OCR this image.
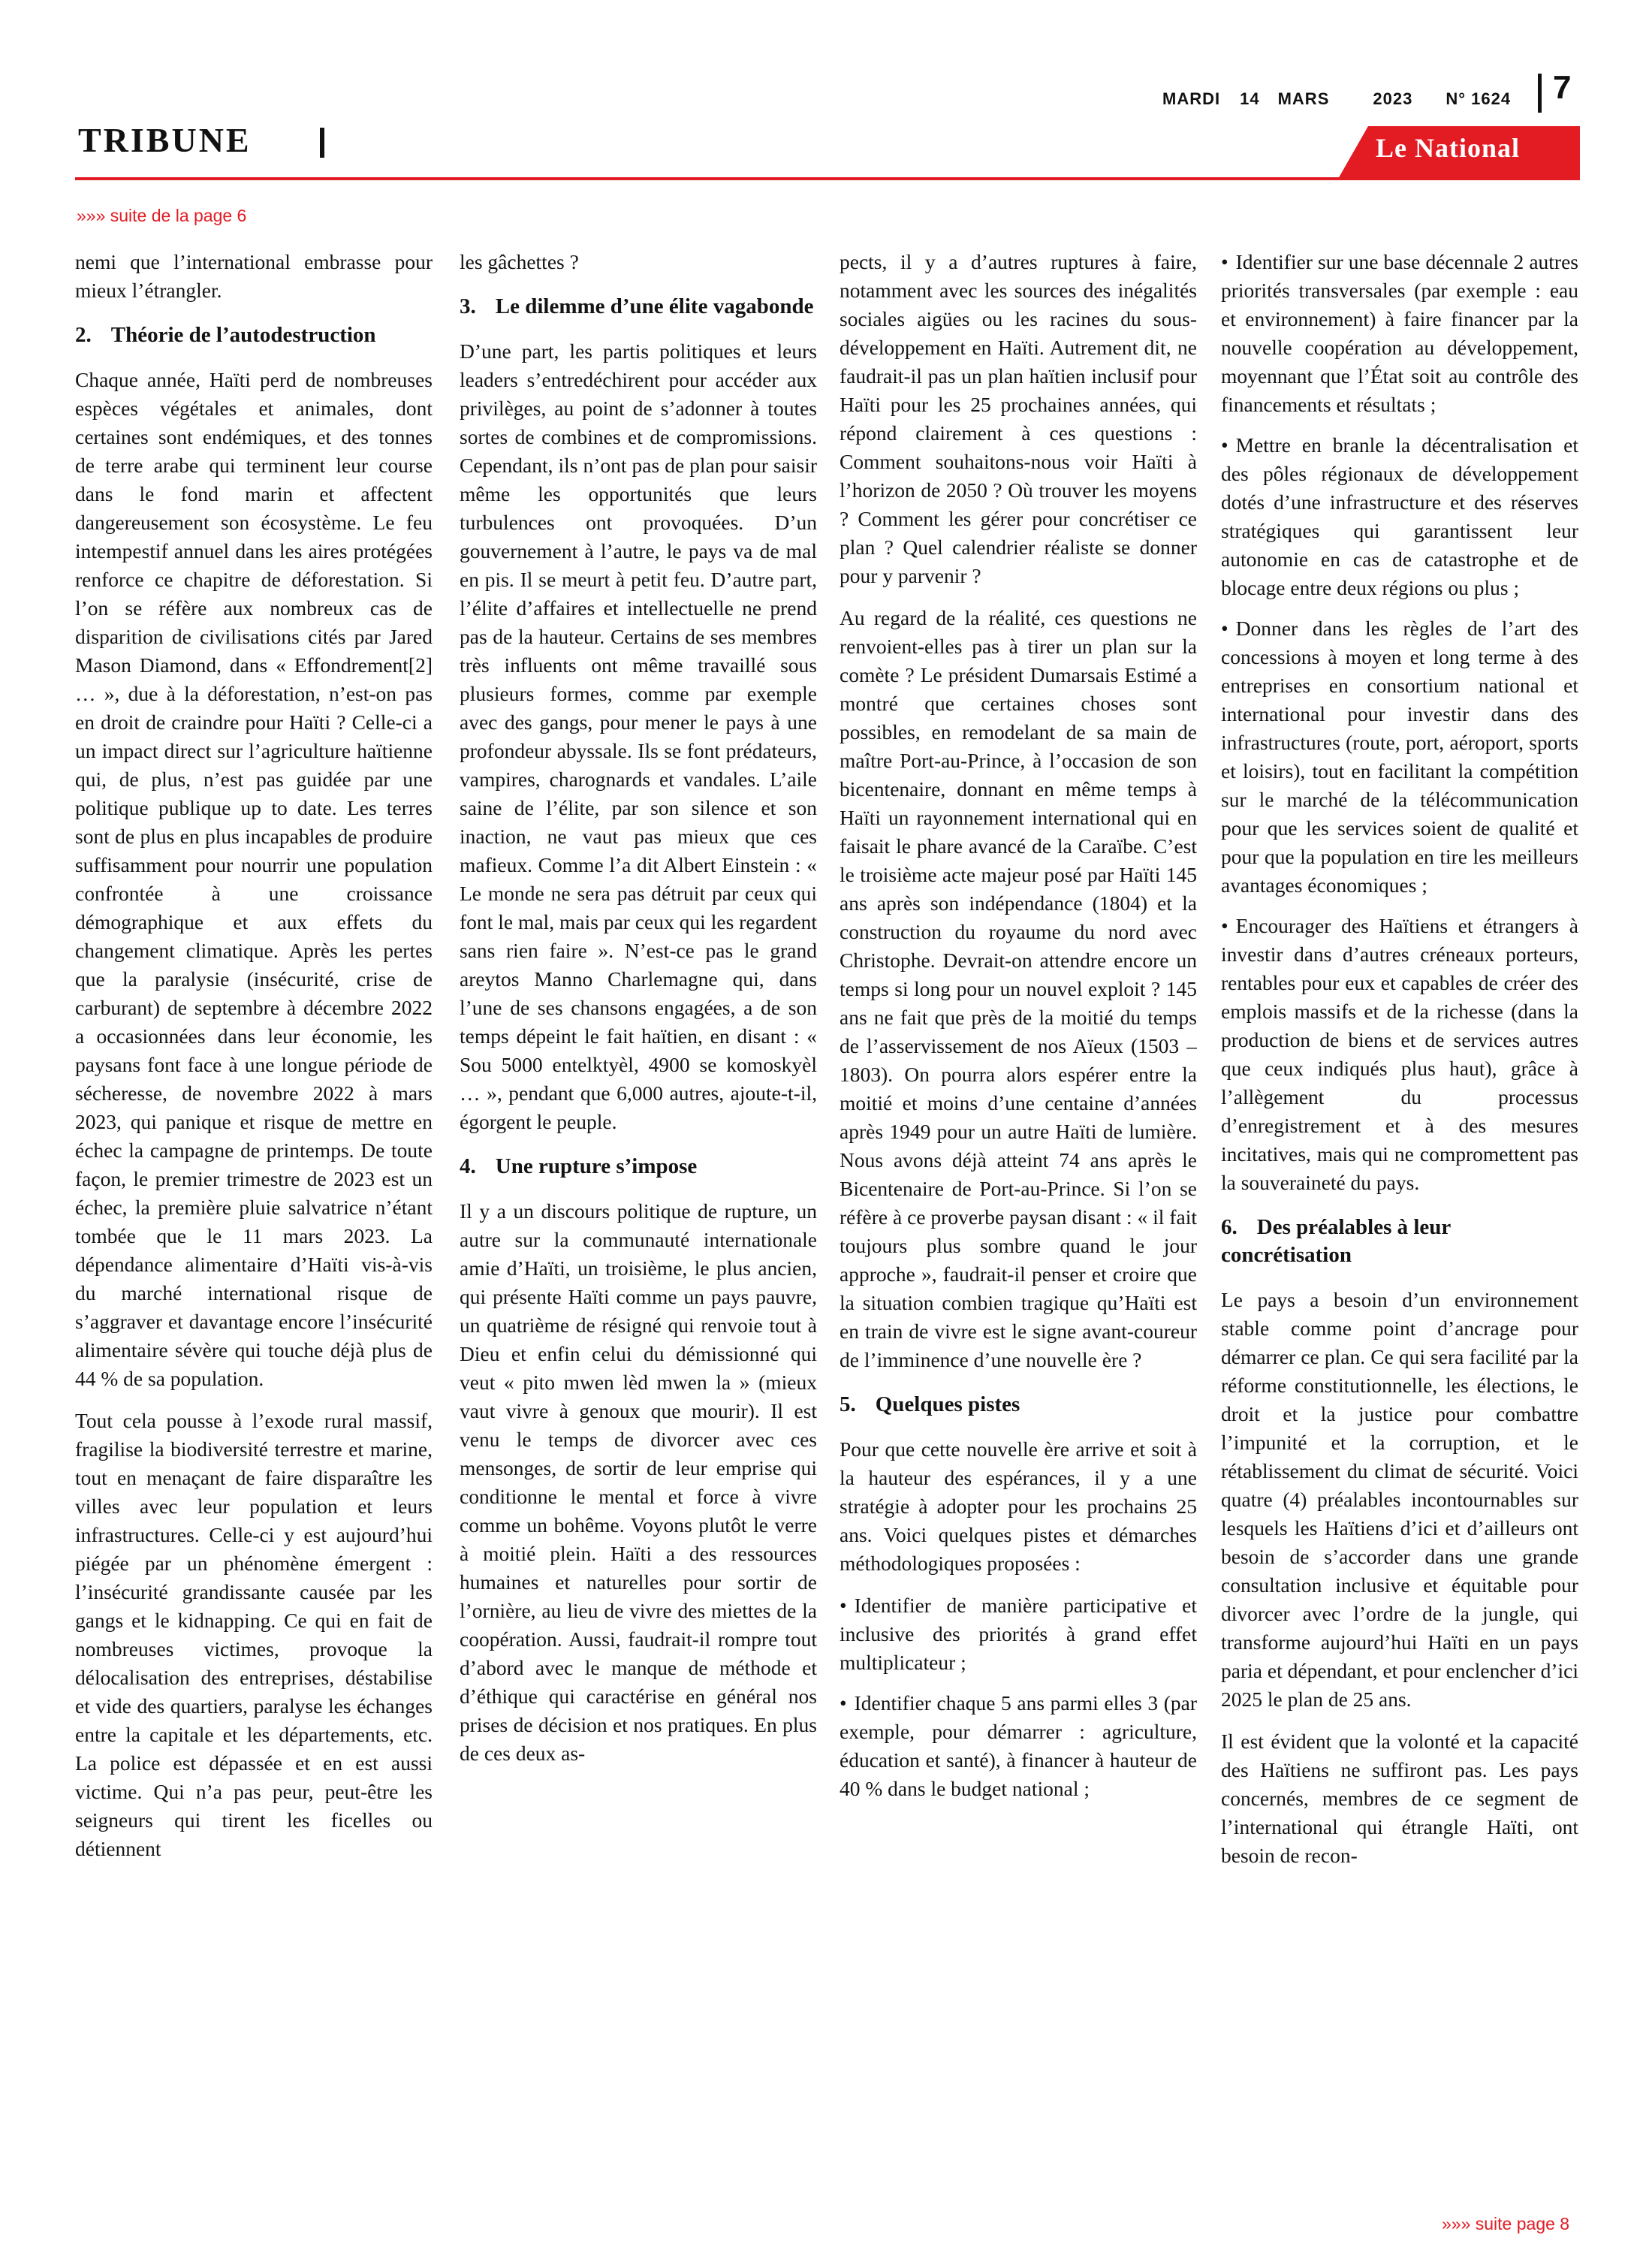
MARDI 14 MARS	2023 N° 1624 7
TRIBUNE	Le National
»»» suite de la page 6

nemi que l’international embrasse pour mieux l’étrangler.

2. Théorie de l’autodestruction

Chaque année, Haïti perd de nombreuses espèces végétales et animales, dont certaines sont endémiques, et des tonnes de terre arabe qui terminent leur course dans le fond marin et affectent dangereusement son écosystème. Le feu intempestif annuel dans les aires protégées renforce ce chapitre de déforestation. Si l’on se réfère aux nombreux cas de disparition de civilisations cités par Jared Mason Diamond, dans « Effondrement[2] … », due à la déforestation, n’est-on pas en droit de craindre pour Haïti ? Celle-ci a un impact direct sur l’agriculture haïtienne qui, de plus, n’est pas guidée par une politique publique up to date. Les terres sont de plus en plus incapables de produire suffisamment pour nourrir une population confrontée à une croissance démographique et aux effets du changement climatique. Après les pertes que la paralysie (insécurité, crise de carburant) de septembre à décembre 2022 a occasionnées dans leur économie, les paysans font face à une longue période de sécheresse, de novembre 2022 à mars 2023, qui panique et risque de mettre en échec la campagne de printemps. De toute façon, le premier trimestre de 2023 est un échec, la première pluie salvatrice n’étant tombée que le 11 mars 2023. La dépendance alimentaire d’Haïti vis-à-vis du marché international risque de s’aggraver et davantage encore l’insécurité alimentaire sévère qui touche déjà plus de 44 % de sa population.

Tout cela pousse à l’exode rural massif, fragilise la biodiversité terrestre et marine, tout en menaçant de faire disparaître les villes avec leur population et leurs infrastructures. Celle-ci y est aujourd’hui piégée par un phénomène émergent : l’insécurité grandissante causée par les gangs et le kidnapping. Ce qui en fait de nombreuses victimes, provoque la délocalisation des entreprises, déstabilise et vide des quartiers, paralyse les échanges entre la capitale et les départements, etc. La police est dépassée et en est aussi victime. Qui n’a pas peur, peut-être les seigneurs qui tirent les ficelles ou détiennent

les gâchettes ?

3. Le dilemme d’une élite vagabonde

D’une part, les partis politiques et leurs leaders s’entredéchirent pour accéder aux privilèges, au point de s’adonner à toutes sortes de combines et de compromissions. Cependant, ils n’ont pas de plan pour saisir même les opportunités que leurs turbulences ont provoquées. D’un gouvernement à l’autre, le pays va de mal en pis. Il se meurt à petit feu. D’autre part, l’élite d’affaires et intellectuelle ne prend pas de la hauteur. Certains de ses membres très influents ont même travaillé sous plusieurs formes, comme par exemple avec des gangs, pour mener le pays à une profondeur abyssale. Ils se font prédateurs, vampires, charognards et vandales. L’aile saine de l’élite, par son silence et son inaction, ne vaut pas mieux que ces mafieux. Comme l’a dit Albert Einstein : « Le monde ne sera pas détruit par ceux qui font le mal, mais par ceux qui les regardent sans rien faire ». N’est-ce pas le grand areytos Manno Charlemagne qui, dans l’une de ses chansons engagées, a de son temps dépeint le fait haïtien, en disant : « Sou 5000 entelktyèl, 4900 se komoskyèl … », pendant que 6,000 autres, ajoute-t-il, égorgent le peuple.

4. Une rupture s’impose

Il y a un discours politique de rupture, un autre sur la communauté internationale amie d’Haïti, un troisième, le plus ancien, qui présente Haïti comme un pays pauvre, un quatrième de résigné qui renvoie tout à Dieu et enfin celui du démissionné qui veut « pito mwen lèd mwen la » (mieux vaut vivre à genoux que mourir). Il est venu le temps de divorcer avec ces mensonges, de sortir de leur emprise qui conditionne le mental et force à vivre comme un bohême. Voyons plutôt le verre à moitié plein. Haïti a des ressources humaines et naturelles pour sortir de l’ornière, au lieu de vivre des miettes de la coopération. Aussi, faudrait-il rompre tout d’abord avec le manque de méthode et d’éthique qui caractérise en général nos prises de décision et nos pratiques. En plus de ces deux as-

pects, il y a d’autres ruptures à faire, notamment avec les sources des inégalités sociales aigües ou les racines du sous-développement en Haïti. Autrement dit, ne faudrait-il pas un plan haïtien inclusif pour Haïti pour les 25 prochaines années, qui répond clairement à ces questions : Comment souhaitons-nous voir Haïti à l’horizon de 2050 ? Où trouver les moyens ? Comment les gérer pour concrétiser ce plan ? Quel calendrier réaliste se donner pour y parvenir ?

Au regard de la réalité, ces questions ne renvoient-elles pas à tirer un plan sur la comète ? Le président Dumarsais Estimé a montré que certaines choses sont possibles, en remodelant de sa main de maître Port-au-Prince, à l’occasion de son bicentenaire, donnant en même temps à Haïti un rayonnement international qui en faisait le phare avancé de la Caraïbe. C’est le troisième acte majeur posé par Haïti 145 ans après son indépendance (1804) et la construction du royaume du nord avec Christophe. Devrait-on attendre encore un temps si long pour un nouvel exploit ? 145 ans ne fait que près de la moitié du temps de l’asservissement de nos Aïeux (1503 – 1803). On pourra alors espérer entre la moitié et moins d’une centaine d’années après 1949 pour un autre Haïti de lumière. Nous avons déjà atteint 74 ans après le Bicentenaire de Port-au-Prince. Si l’on se réfère à ce proverbe paysan disant : « il fait toujours plus sombre quand le jour approche », faudrait-il penser et croire que la situation combien tragique qu’Haïti est en train de vivre est le signe avant-coureur de l’imminence d’une nouvelle ère ?

5. Quelques pistes

Pour que cette nouvelle ère arrive et soit à la hauteur des espérances, il y a une stratégie à adopter pour les prochains 25 ans. Voici quelques pistes et démarches méthodologiques proposées :

• Identifier de manière participative et inclusive des priorités à grand effet multiplicateur ;
• Identifier chaque 5 ans parmi elles 3 (par exemple, pour démarrer : agriculture, éducation et santé), à financer à hauteur de 40 % dans le budget national ;
• Identifier sur une base décennale 2 autres priorités transversales (par exemple : eau et environnement) à faire financer par la nouvelle coopération au développement, moyennant que l’État soit au contrôle des financements et résultats ;
• Mettre en branle la décentralisation et des pôles régionaux de développement dotés d’une infrastructure et des réserves stratégiques qui garantissent leur autonomie en cas de catastrophe et de blocage entre deux régions ou plus ;
• Donner dans les règles de l’art des concessions à moyen et long terme à des entreprises en consortium national et international pour investir dans des infrastructures (route, port, aéroport, sports et loisirs), tout en facilitant la compétition sur le marché de la télécommunication pour que les services soient de qualité et pour que la population en tire les meilleurs avantages économiques ;
• Encourager des Haïtiens et étrangers à investir dans d’autres créneaux porteurs, rentables pour eux et capables de créer des emplois massifs et de la richesse (dans la production de biens et de services autres que ceux indiqués plus haut), grâce à l’allègement du processus d’enregistrement et à des mesures incitatives, mais qui ne compromettent pas la souveraineté du pays.
6. Des préalables à leur concrétisation

Le pays a besoin d’un environnement stable comme point d’ancrage pour démarrer ce plan. Ce qui sera facilité par la réforme constitutionnelle, les élections, le droit et la justice pour combattre l’impunité et la corruption, et le rétablissement du climat de sécurité. Voici quatre (4) préalables incontournables sur lesquels les Haïtiens d’ici et d’ailleurs ont besoin de s’accorder dans une grande consultation inclusive et équitable pour divorcer avec l’ordre de la jungle, qui transforme aujourd’hui Haïti en un pays paria et dépendant, et pour enclencher d’ici 2025 le plan de 25 ans.

Il est évident que la volonté et la capacité des Haïtiens ne suffiront pas. Les pays concernés, membres de ce segment de l’international qui étrangle Haïti, ont besoin de recon-

»»» suite page 8
